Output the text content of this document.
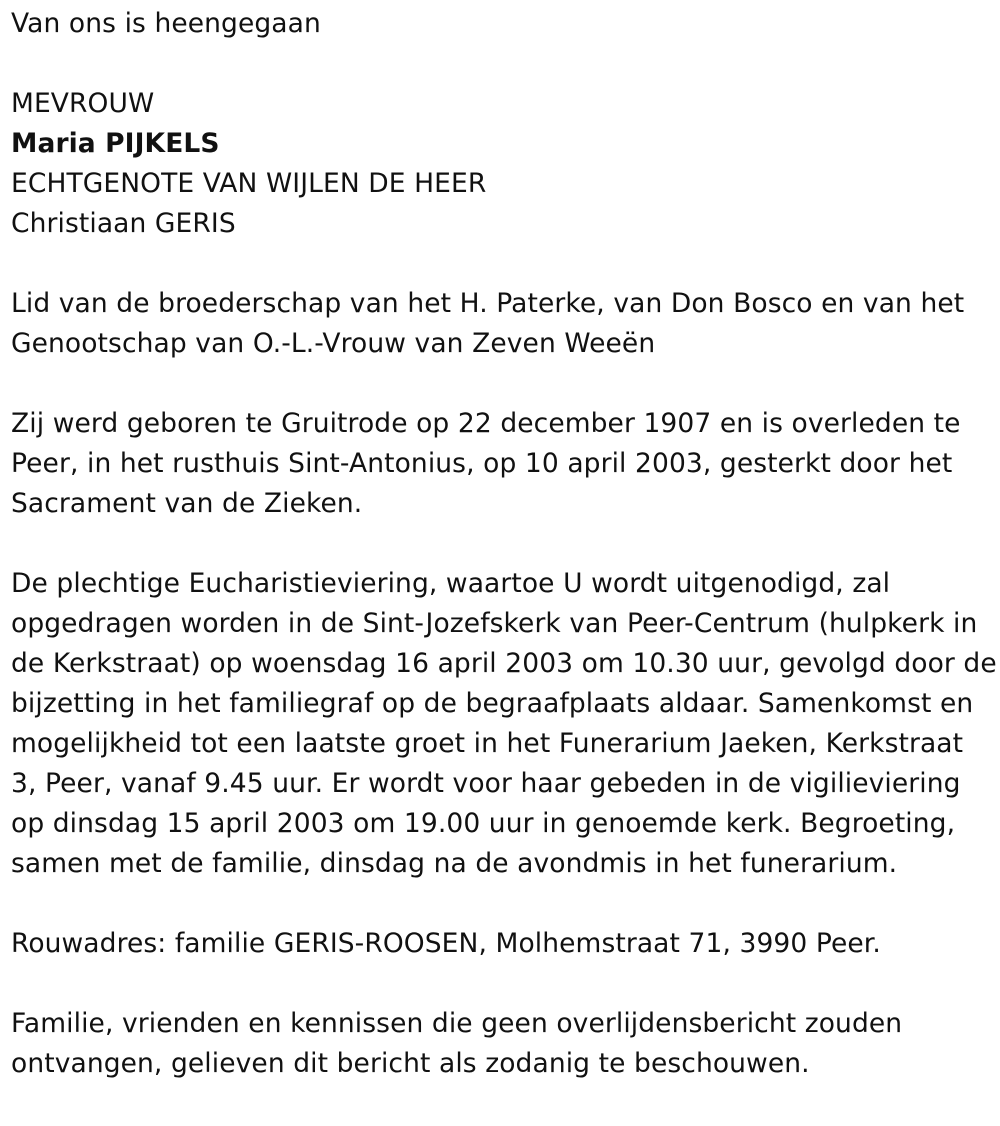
Van ons is heengegaan
MEVROUW
Maria PIJKELS
ECHTGENOTE VAN WIJLEN DE HEER
Christiaan GERIS
Lid van de broederschap van het H. Paterke, van Don Bosco en van het
Genootschap van O.-L.-Vrouw van Zeven Weeën
Zij werd geboren te Gruitrode op 22 december 1907 en is overleden te
Peer, in het rusthuis Sint-Antonius, op 10 april 2003, gesterkt door het
Sacrament van de Zieken.
De plechtige Eucharistieviering, waartoe U wordt uitgenodigd, zal
opgedragen worden in de Sint-Jozefskerk van Peer-Centrum (hulpkerk in
de Kerkstraat) op woensdag 16 april 2003 om 10.30 uur, gevolgd door de
bijzetting in het familiegraf op de begraafplaats aldaar. Samenkomst en
mogelijkheid tot een laatste groet in het Funerarium Jaeken, Kerkstraat
3, Peer, vanaf 9.45 uur. Er wordt voor haar gebeden in de vigilieviering
op dinsdag 15 april 2003 om 19.00 uur in genoemde kerk. Begroeting,
samen met de familie, dinsdag na de avondmis in het funerarium.
Rouwadres: familie GERIS-ROOSEN, Molhemstraat 71, 3990 Peer.
Familie, vrienden en kennissen die geen overlijdensbericht zouden
ontvangen, gelieven dit bericht als zodanig te beschouwen.
